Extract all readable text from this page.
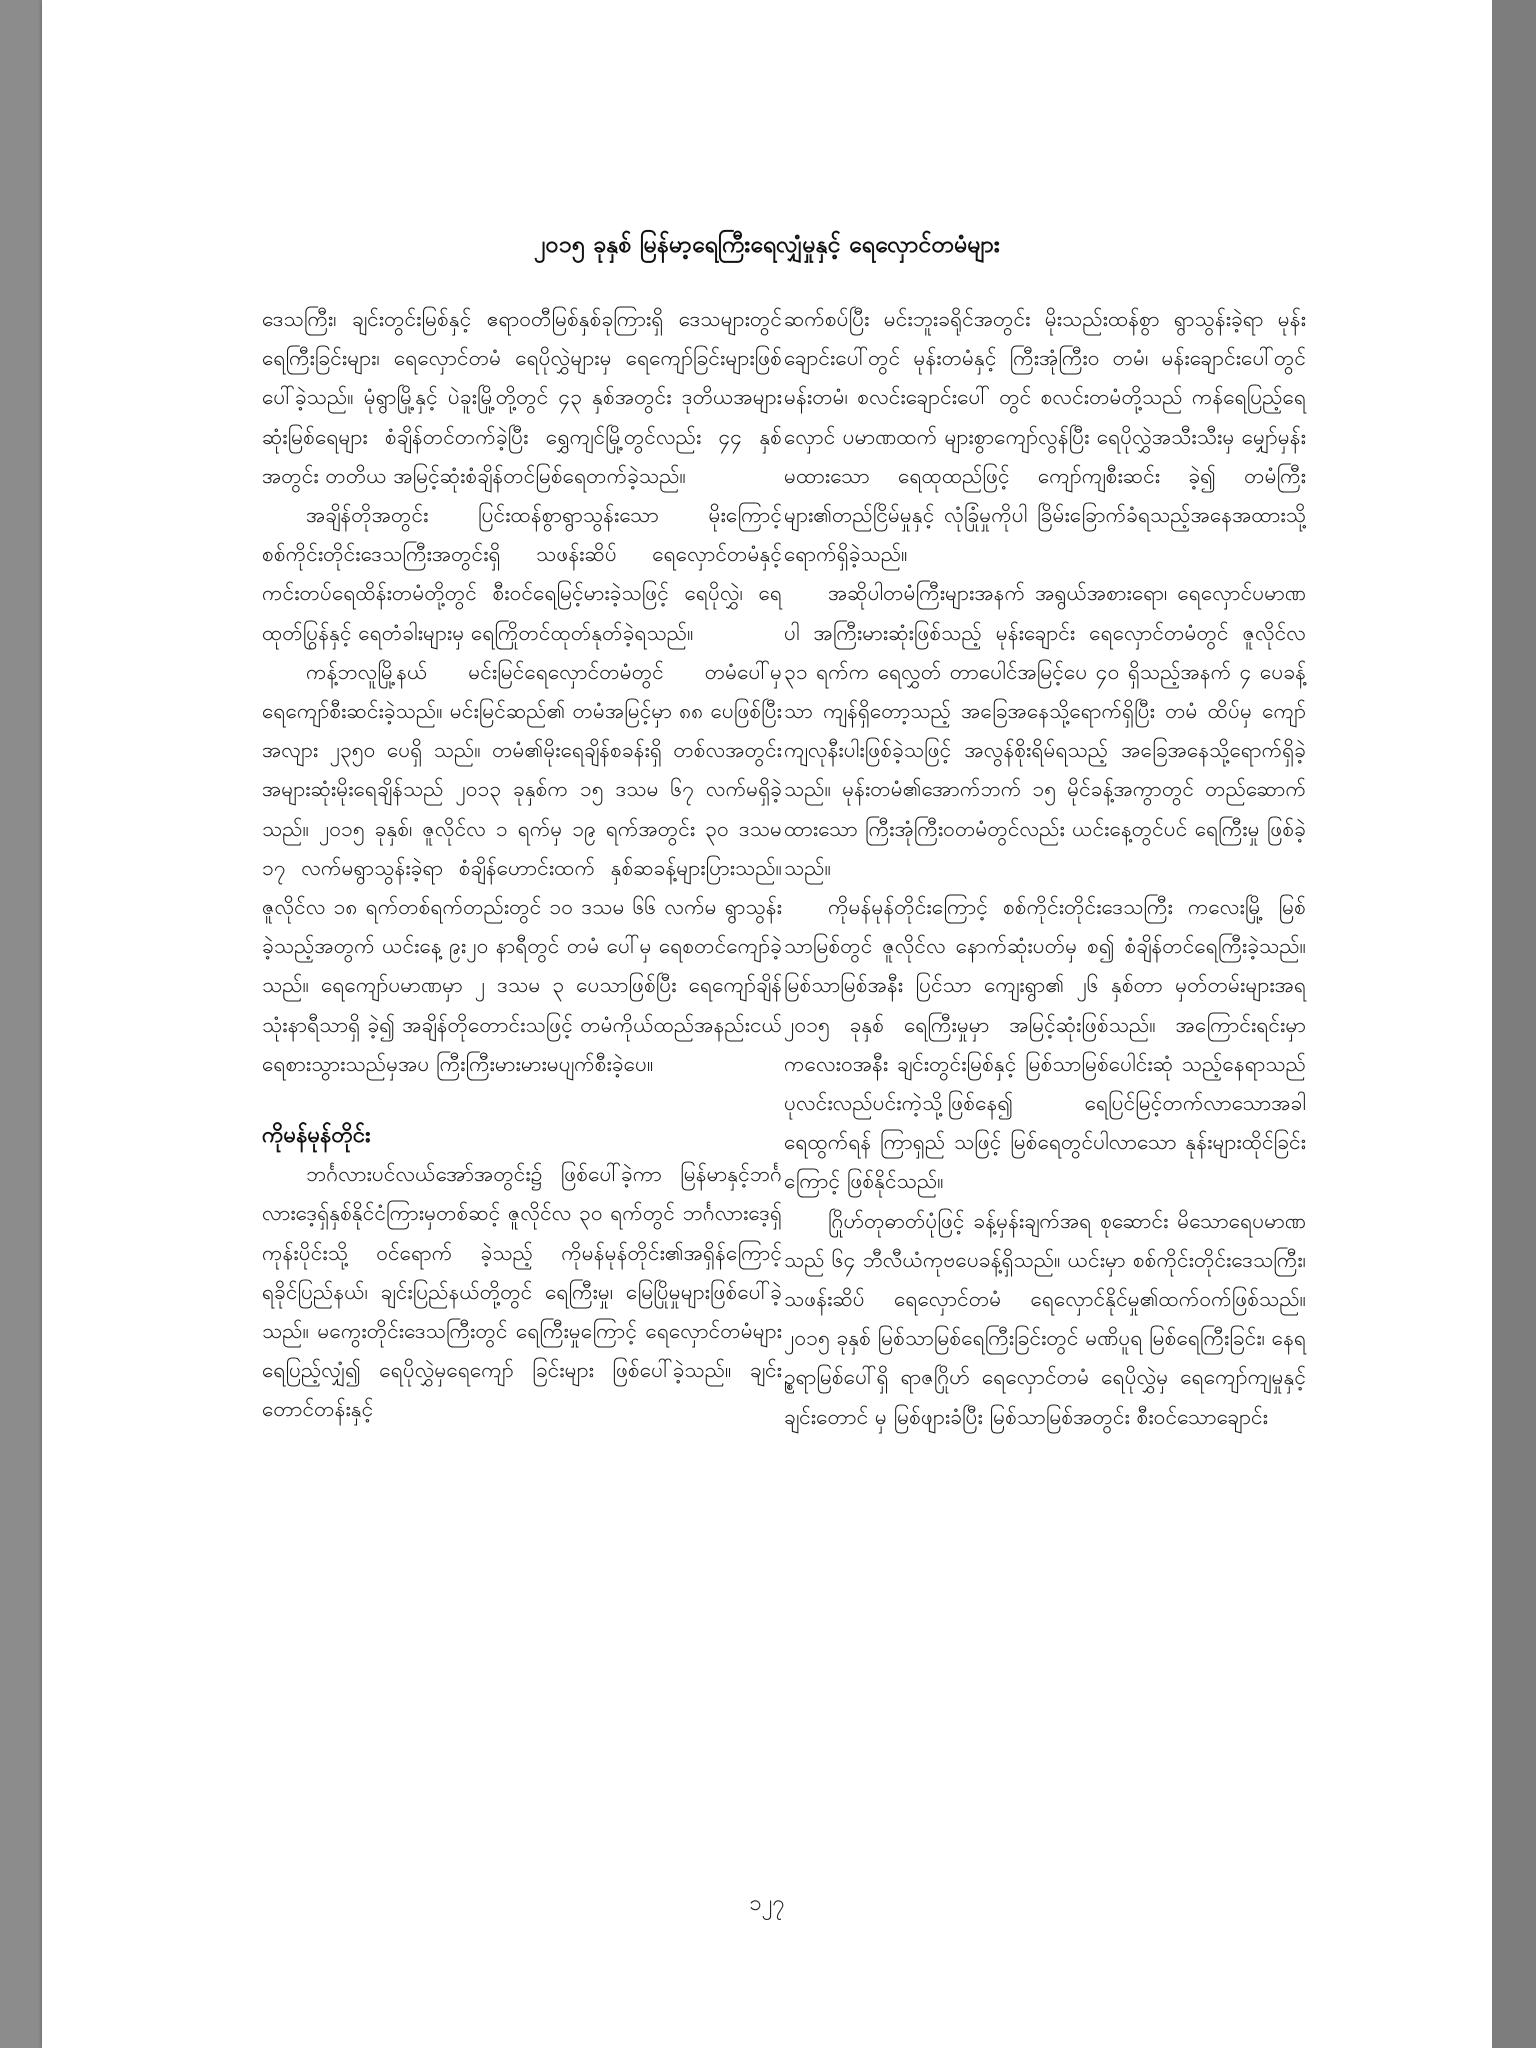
၂၀၁၅ ခုနှစ် မြန်မာ့ရေကြီးရေလျှံမှုနှင့် ရေလှောင်တမံများ

ဒေသကြီး၊ ချင်းတွင်းမြစ်နှင့် ဧရာဝတီမြစ်နှစ်ခုကြားရှိ ဒေသများတွင် ရေကြီးခြင်းများ၊ ရေလှောင်တမံ ရေပိုလွှဲများမှ ရေကျော်ခြင်းများဖြစ်ပေါ်ခဲ့သည်။ မုံရွာမြို့နှင့် ပဲခူးမြို့တို့တွင် ၄၃ နှစ်အတွင်း ဒုတိယအများဆုံးမြစ်ရေများ စံချိန်တင်တက်ခဲ့ပြီး ရွှေကျင်မြို့တွင်လည်း ၄၄ နှစ်အတွင်း တတိယ အမြင့်ဆုံးစံချိန်တင်မြစ်ရေတက်ခဲ့သည်။

အချိန်တိုအတွင်း ပြင်းထန်စွာရွာသွန်းသော မိုးကြောင့် စစ်ကိုင်းတိုင်းဒေသကြီးအတွင်းရှိ သဖန်းဆိပ် ရေလှောင်တမံနှင့် ကင်းတပ်ရေထိန်းတမံတို့တွင် စီးဝင်ရေမြင့်မားခဲ့သဖြင့် ရေပိုလွှဲ၊ ရေထုတ်ပြွန်နှင့် ရေတံခါးများမှ ရေကြိုတင်ထုတ်နုတ်ခဲ့ရသည်။

ကန့်ဘလူမြို့နယ် မင်းမြင်ရေလှောင်တမံတွင် တမံပေါ်မှ ရေကျော်စီးဆင်းခဲ့သည်။ မင်းမြင်ဆည်၏ တမံအမြင့်မှာ ၈၈ ပေဖြစ်ပြီး အလျား ၂၃၅၀ ပေရှိ သည်။ တမံ၏မိုးရေချိန်စခန်းရှိ တစ်လအတွင်း အများဆုံးမိုးရေချိန်သည် ၂၀၁၃ ခုနှစ်က ၁၅ ဒသမ ၆၇ လက်မရှိခဲ့သည်။ ၂၀၁၅ ခုနှစ်၊ ဇူလိုင်လ ၁ ရက်မှ ၁၉ ရက်အတွင်း ၃၀ ဒသမ ၁၇ လက်မရွာသွန်းခဲ့ရာ စံချိန်ဟောင်းထက် နှစ်ဆခန့်များပြားသည်။ ဇူလိုင်လ ၁၈ ရက်တစ်ရက်တည်းတွင် ၁၀ ဒသမ ၆၆ လက်မ ရွာသွန်းခဲ့သည့်အတွက် ယင်းနေ့ ၉း၂၀ နာရီတွင် တမံ ပေါ်မှ ရေစတင်ကျော်ခဲ့သည်။ ရေကျော်ပမာဏမှာ ၂ ဒသမ ၃ ပေသာဖြစ်ပြီး ရေကျော်ချိန် သုံးနာရီသာရှိ ခဲ့၍ အချိန်တိုတောင်းသဖြင့် တမံကိုယ်ထည်အနည်းငယ် ရေစားသွားသည်မှအပ ကြီးကြီးမားမားမပျက်စီးခဲ့ပေ။

ကိုမန်မုန်တိုင်း

ဘင်္ဂလားပင်လယ်အော်အတွင်း၌ ဖြစ်ပေါ်ခဲ့ကာ မြန်မာနှင့်ဘင်္ဂလားဒေ့ရှ်နှစ်နိုင်ငံကြားမှတစ်ဆင့် ဇူလိုင်လ ၃၀ ရက်တွင် ဘင်္ဂလားဒေ့ရှ်ကုန်းပိုင်းသို့ ဝင်ရောက် ခဲ့သည့် ကိုမန်မုန်တိုင်း၏အရှိန်ကြောင့် ရခိုင်ပြည်နယ်၊ ချင်းပြည်နယ်တို့တွင် ရေကြီးမှု၊ မြေပြိုမှုများဖြစ်ပေါ်ခဲ့ သည်။ မကွေးတိုင်းဒေသကြီးတွင် ရေကြီးမှုကြောင့် ရေလှောင်တမံများ ရေပြည့်လျှံ၍ ရေပိုလွှဲမှရေကျော် ခြင်းများ ဖြစ်ပေါ်ခဲ့သည်။ ချင်းတောင်တန်းနှင့်

ဆက်စပ်ပြီး မင်းဘူးခရိုင်အတွင်း မိုးသည်းထန်စွာ ရွာသွန်းခဲ့ရာ မုန်းချောင်းပေါ်တွင် မုန်းတမံနှင့် ကြီးအုံကြီးဝ တမံ၊ မန်းချောင်းပေါ်တွင် မန်းတမံ၊ စလင်းချောင်းပေါ် တွင် စလင်းတမံတို့သည် ကန်ရေပြည့်ရေလှောင် ပမာဏထက် များစွာကျော်လွန်ပြီး ရေပိုလွှဲအသီးသီးမှ မျှော်မှန်းမထားသော ရေထုထည်ဖြင့် ကျော်ကျစီးဆင်း ခဲ့၍ တမံကြီးများ၏တည်ငြိမ်မှုနှင့် လုံခြုံမှုကိုပါ ခြိမ်းခြောက်ခံရသည့်အနေအထားသို့ ရောက်ရှိခဲ့သည်။

အဆိုပါတမံကြီးများအနက် အရွယ်အစားရော၊ ရေလှောင်ပမာဏပါ အကြီးမားဆုံးဖြစ်သည့် မုန်းချောင်း ရေလှောင်တမံတွင် ဇူလိုင်လ ၃၁ ရက်က ရေလွှတ် တာပေါင်အမြင့်ပေ ၄၀ ရှိသည့်အနက် ၄ ပေခန့်သာ ကျန်ရှိတော့သည့် အခြေအနေသို့ရောက်ရှိပြီး တမံ ထိပ်မှ ကျော်ကျလုနီးပါးဖြစ်ခဲ့သဖြင့် အလွန်စိုးရိမ်ရသည့် အခြေအနေသို့ရောက်ရှိခဲ့သည်။ မုန်းတမံ၏အောက်ဘက် ၁၅ မိုင်ခန့်အကွာတွင် တည်ဆောက်ထားသော ကြီးအုံကြီးဝတမံတွင်လည်း ယင်းနေ့တွင်ပင် ရေကြီးမှု ဖြစ်ခဲ့သည်။

ကိုမန်မုန်တိုင်းကြောင့် စစ်ကိုင်းတိုင်းဒေသကြီး ကလေးမြို့ မြစ်သာမြစ်တွင် ဇူလိုင်လ နောက်ဆုံးပတ်မှ စ၍ စံချိန်တင်ရေကြီးခဲ့သည်။ မြစ်သာမြစ်အနီး ပြင်သာ ကျေးရွာ၏ ၂၆ နှစ်တာ မှတ်တမ်းများအရ ၂၀၁၅ ခုနှစ် ရေကြီးမှုမှာ အမြင့်ဆုံးဖြစ်သည်။ အကြောင်းရင်းမှာ ကလေးဝအနီး ချင်းတွင်းမြစ်နှင့် မြစ်သာမြစ်ပေါင်းဆုံ သည့်နေရာသည် ပုလင်းလည်ပင်းကဲ့သို့ဖြစ်နေ၍ ရေပြင်မြင့်တက်လာသောအခါ ရေထွက်ရန် ကြာရှည် သဖြင့် မြစ်ရေတွင်ပါလာသော နုန်းများထိုင်ခြင်းကြောင့် ဖြစ်နိုင်သည်။

ဂြိုဟ်တုဓာတ်ပုံဖြင့် ခန့်မှန်းချက်အရ စုဆောင်း မိသောရေပမာဏသည် ၆၄ ဘီလီယံကုဗပေခန့်ရှိသည်။ ယင်းမှာ စစ်ကိုင်းတိုင်းဒေသကြီး၊ သဖန်းဆိပ် ရေလှောင်တမံ ရေလှောင်နိုင်မှု၏ထက်ဝက်ဖြစ်သည်။ ၂၀၁၅ ခုနှစ် မြစ်သာမြစ်ရေကြီးခြင်းတွင် မဏိပူရ မြစ်ရေကြီးခြင်း၊ နေရဉ္စရာမြစ်ပေါ်ရှိ ရာဇဂြိုဟ် ရေလှောင်တမံ ရေပိုလွှဲမှ ရေကျော်ကျမှုနှင့် ချင်းတောင် မှ မြစ်ဖျားခံပြီး မြစ်သာမြစ်အတွင်း စီးဝင်သောချောင်း

၁၂၇
